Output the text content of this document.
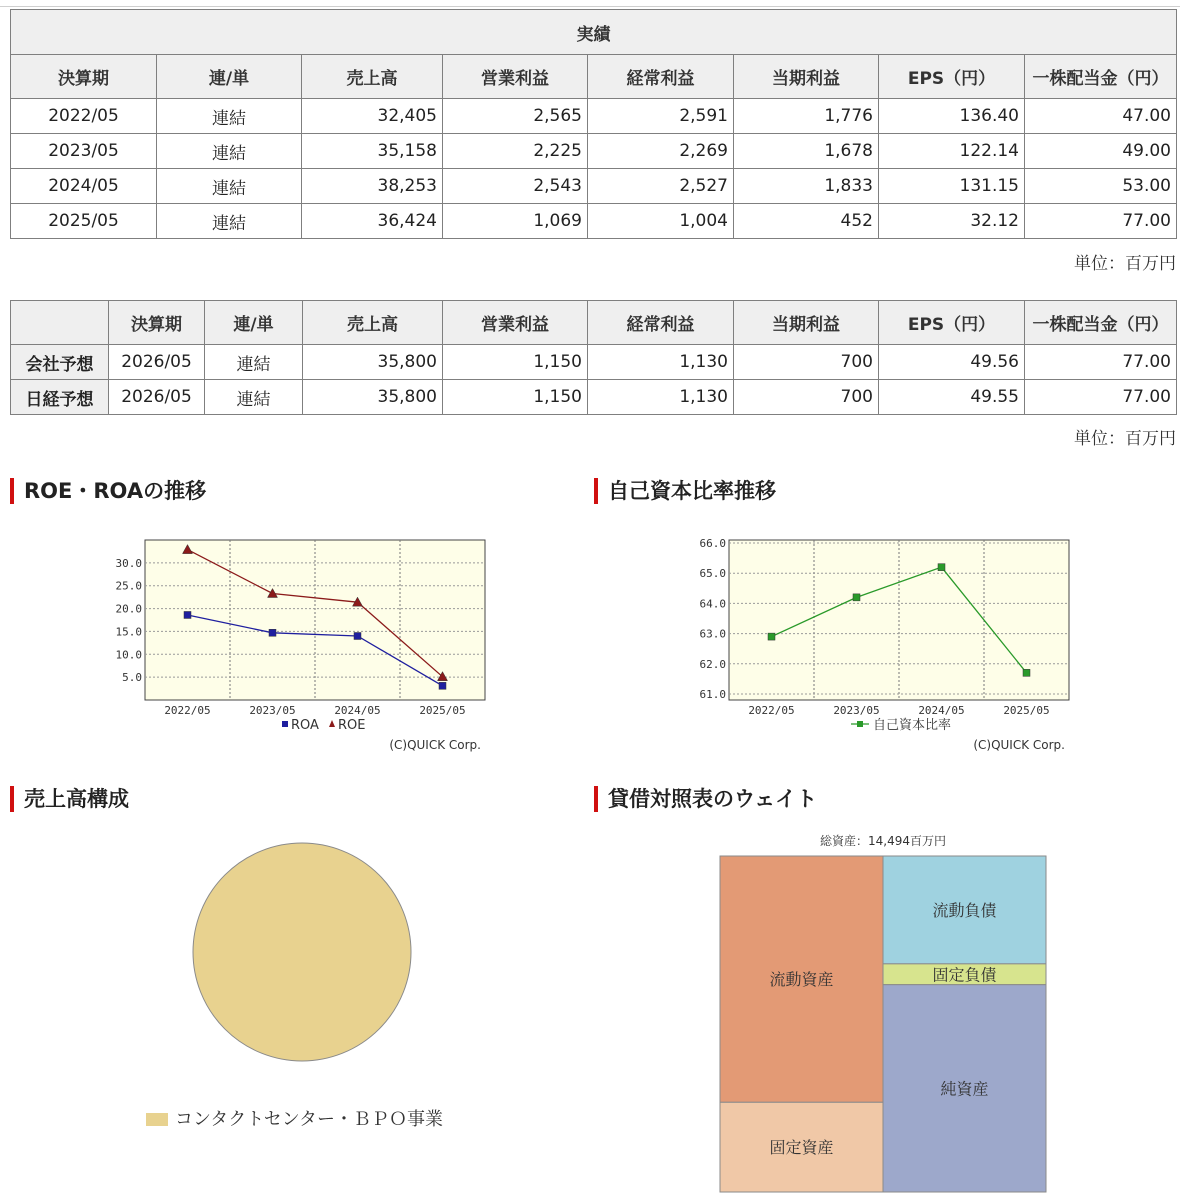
実績							
決算期	連/単	売上高	営業利益	経常利益	当期利益	EPS（円）	一株配当金（円）
2022/05	連結	32,405	2,565	2,591	1,776	136.40	47.00
2023/05	連結	35,158	2,225	2,269	1,678	122.14	49.00
2024/05	連結	38,253	2,543	2,527	1,833	131.15	53.00
2025/05	連結	36,424	1,069	1,004	452	32.12	77.00
単位：百万円
	決算期	連/単	売上高	営業利益	経常利益	当期利益	EPS（円）	一株配当金（円）
会社予想	2026/05	連結	35,800	1,150	1,130	700	49.56	77.00
日経予想	2026/05	連結	35,800	1,150	1,130	700	49.55	77.00
単位：百万円
ROE・ROAの推移	自己資本比率推移
売上高構成	貸借対照表のウェイト
5.0
10.0
15.0
20.0
25.0
30.0
2022/05	2023/05	2024/05	2025/05
ROA ROE
(C)QUICK Corp.
61.0
62.0
63.0
64.0
65.0
66.0
2022/05	2023/05	2024/05	2025/05
自己資本比率
(C)QUICK Corp.
コンタクトセンター・ＢＰＯ事業
総資産：14,494百万円
流動資産
固定資産
流動負債
固定負債
純資産
